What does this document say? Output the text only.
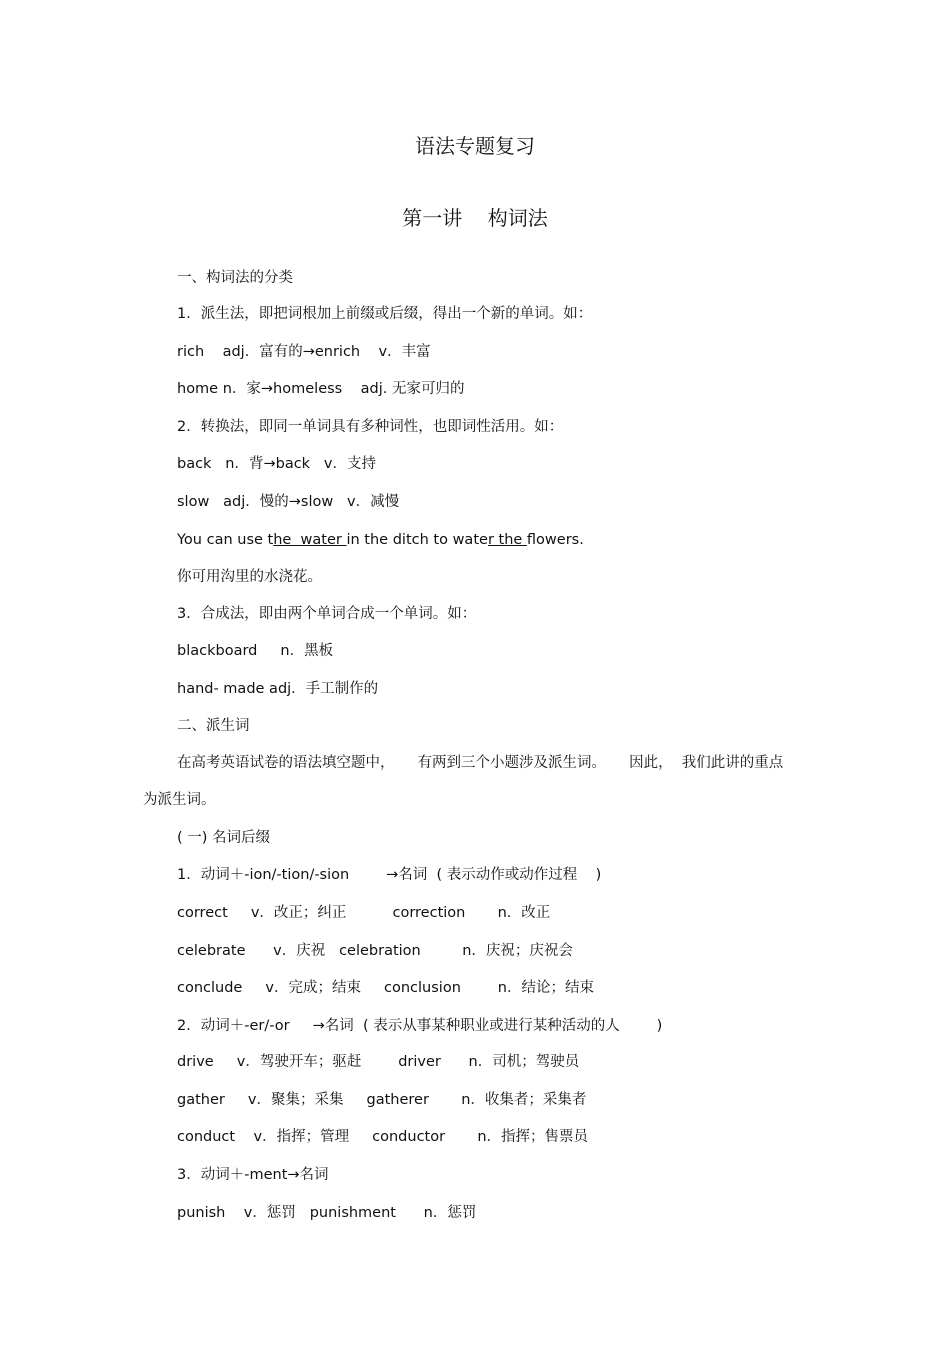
语法专题复习
第一讲    构词法
一、构词法的分类
1．派生法，即把词根加上前缀或后缀，得出一个新的单词。如：
rich    adj．富有的→enrich    v．丰富
home n．家→homeless    adj. 无家可归的
2．转换法，即同一单词具有多种词性，也即词性活用。如：
back   n．背→back   v．支持
slow   adj．慢的→slow   v．减慢
You can use the  water in the ditch to water the flowers.
你可用沟里的水浇花。
3．合成法，即由两个单词合成一个单词。如：
blackboard     n．黑板
hand- made adj．手工制作的
二、派生词
在高考英语试卷的语法填空题中，     有两到三个小题涉及派生词。     因此，  我们此讲的重点
为派生词。
( 一) 名词后缀
1．动词＋-ion/-tion/-sion        →名词  ( 表示动作或动作过程    )
correct     v．改正；纠正          correction       n．改正
celebrate      v．庆祝   celebration         n．庆祝；庆祝会
conclude     v．完成；结束     conclusion        n．结论；结束
2．动词＋-er/-or     →名词  ( 表示从事某种职业或进行某种活动的人        )
drive     v．驾驶开车；驱赶        driver      n．司机；驾驶员
gather     v．聚集；采集     gatherer       n．收集者；采集者
conduct    v．指挥；管理     conductor       n．指挥；售票员
3．动词＋-ment→名词
punish    v．惩罚   punishment      n．惩罚
